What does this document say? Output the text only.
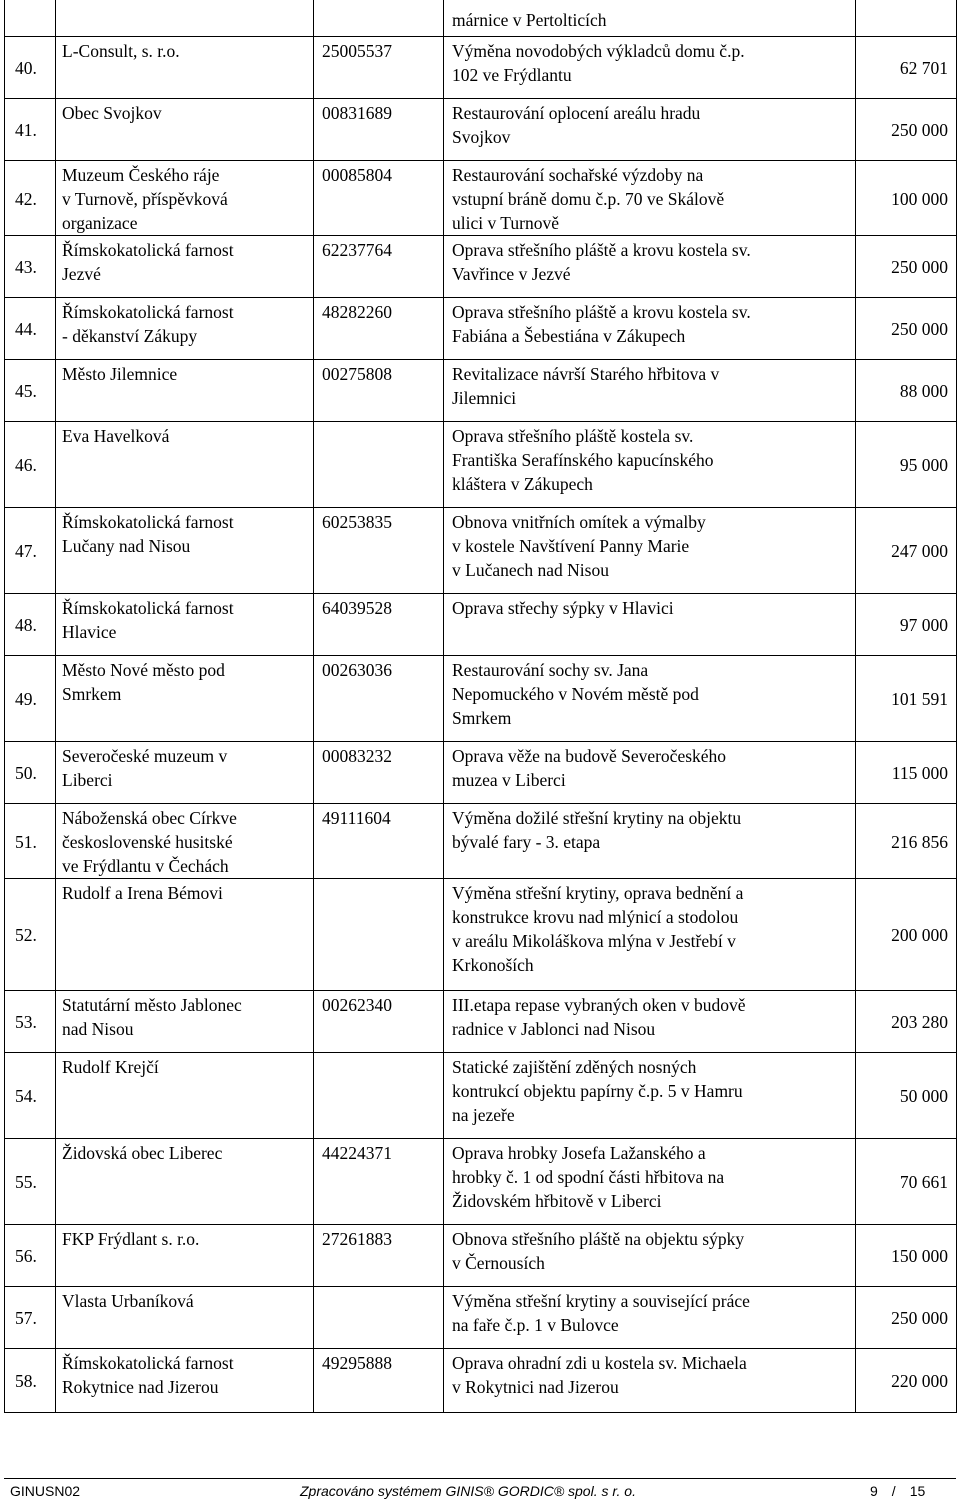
			márnice v Pertolticích	
40.	L-Consult, s. r.o.	25005537	Výměna novodobých výkladců domu č.p.
102 ve Frýdlantu	62 701
41.	Obec Svojkov	00831689	Restaurování oplocení areálu hradu
Svojkov	250 000
42.	Muzeum Českého ráje
v Turnově, příspěvková
organizace	00085804	Restaurování sochařské výzdoby na
vstupní bráně domu č.p. 70 ve Skálově
ulici v Turnově	100 000
43.	Římskokatolická farnost
Jezvé	62237764	Oprava střešního pláště a krovu kostela sv.
Vavřince v Jezvé	250 000
44.	Římskokatolická farnost
- děkanství Zákupy	48282260	Oprava střešního pláště a krovu kostela sv.
Fabiána a Šebestiána v Zákupech	250 000
45.	Město Jilemnice	00275808	Revitalizace návrší Starého hřbitova v
Jilemnici	88 000
46.	Eva Havelková		Oprava střešního pláště kostela sv.
Františka Serafínského kapucínského
kláštera v Zákupech	95 000
47.	Římskokatolická farnost
Lučany nad Nisou	60253835	Obnova vnitřních omítek a výmalby
v kostele Navštívení Panny Marie
v Lučanech nad Nisou	247 000
48.	Římskokatolická farnost
Hlavice	64039528	Oprava střechy sýpky v Hlavici	97 000
49.	Město Nové město pod
Smrkem	00263036	Restaurování sochy sv. Jana
Nepomuckého v Novém městě pod
Smrkem	101 591
50.	Severočeské muzeum v
Liberci	00083232	Oprava věže na budově Severočeského
muzea v Liberci	115 000
51.	Náboženská obec Církve
československé husitské
ve Frýdlantu v Čechách	49111604	Výměna dožilé střešní krytiny na objektu
bývalé fary - 3. etapa	216 856
52.	Rudolf a Irena Bémovi		Výměna střešní krytiny, oprava bednění a
konstrukce krovu nad mlýnicí a stodolou
v areálu Mikoláškova mlýna v Jestřebí v
Krkonoších	200 000
53.	Statutární město Jablonec
nad Nisou	00262340	III.etapa repase vybraných oken v budově
radnice v Jablonci nad Nisou	203 280
54.	Rudolf Krejčí		Statické zajištění zděných nosných
kontrukcí objektu papírny č.p. 5 v Hamru
na jezeře	50 000
55.	Židovská obec Liberec	44224371	Oprava hrobky Josefa Lažanského a
hrobky č. 1 od spodní části hřbitova na
Židovském hřbitově v Liberci	70 661
56.	FKP Frýdlant s. r.o.	27261883	Obnova střešního pláště na objektu sýpky
v Černousích	150 000
57.	Vlasta Urbaníková		Výměna střešní krytiny a související práce
na faře č.p. 1 v Bulovce	250 000
58.	Římskokatolická farnost
Rokytnice nad Jizerou	49295888	Oprava ohradní zdi u kostela sv. Michaela
v Rokytnici nad Jizerou	220 000
GINUSN02	Zpracováno systémem GINIS® GORDIC® spol. s r. o.	9 / 15
